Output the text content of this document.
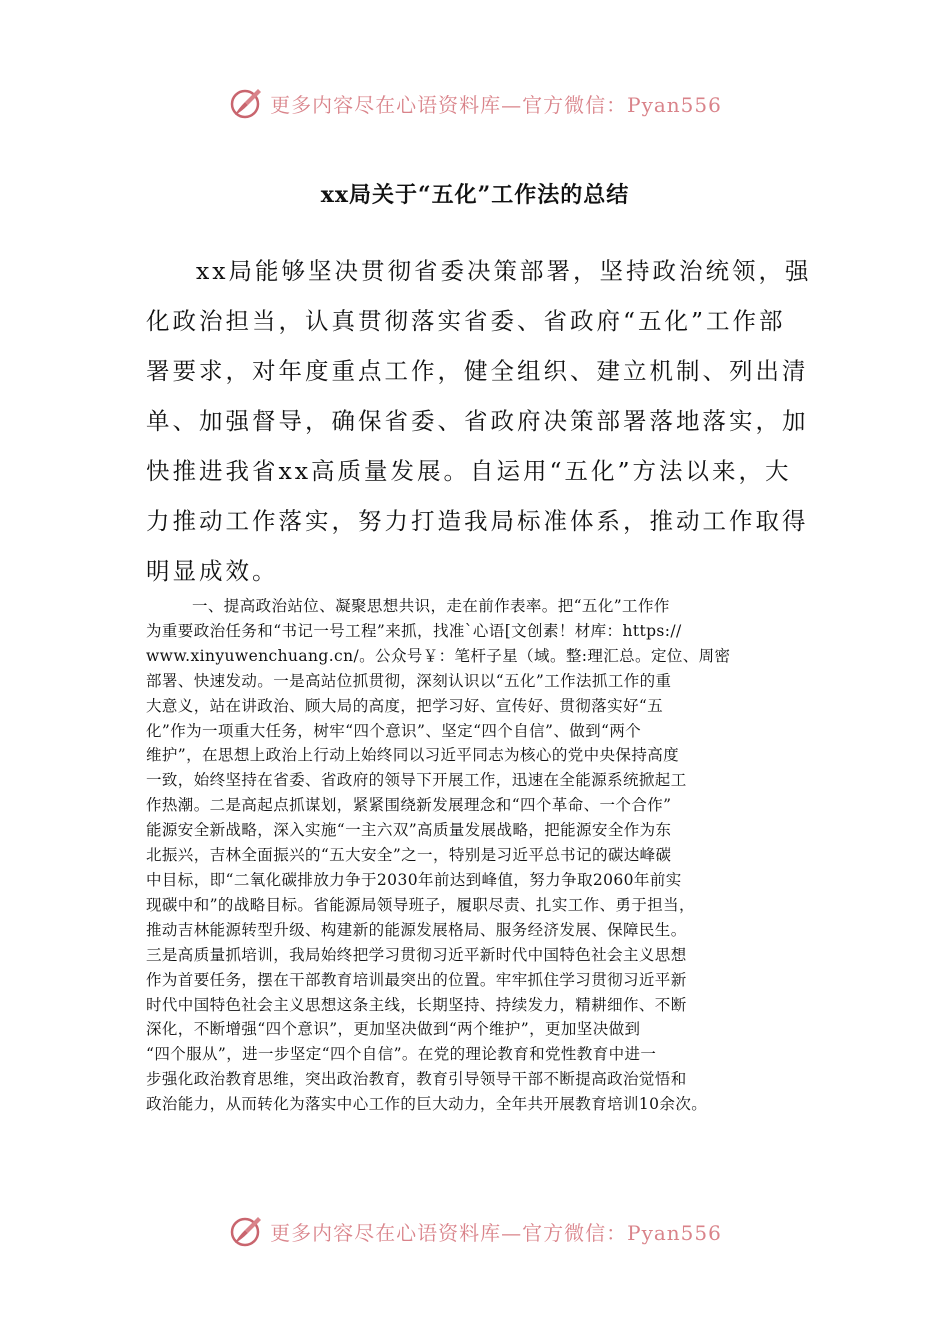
更多内容尽在心语资料库—官方微信：Pyan556
xx局关于“五化”工作法的总结

xx局能够坚决贯彻省委决策部署，坚持政治统领，强
化政治担当，认真贯彻落实省委、省政府“五化”工作部
署要求，对年度重点工作，健全组织、建立机制、列出清
单、加强督导，确保省委、省政府决策部署落地落实，加
快推进我省xx高质量发展。自运用“五化”方法以来，大
力推动工作落实，努力打造我局标准体系，推动工作取得
明显成效。

一、提高政治站位、凝聚思想共识，走在前作表率。把“五化”工作作
为重要政治任务和“书记一号工程”来抓，找准`心语[文创素！材库：https://
www.xinyuwenchuang.cn/。公众号￥：笔杆子星（域。整:理汇总。定位、周密
部署、快速发动。一是高站位抓贯彻，深刻认识以“五化”工作法抓工作的重
大意义，站在讲政治、顾大局的高度，把学习好、宣传好、贯彻落实好“五
化”作为一项重大任务，树牢“四个意识”、坚定“四个自信”、做到“两个
维护”，在思想上政治上行动上始终同以习近平同志为核心的党中央保持高度
一致，始终坚持在省委、省政府的领导下开展工作，迅速在全能源系统掀起工
作热潮。二是高起点抓谋划，紧紧围绕新发展理念和“四个革命、一个合作”
能源安全新战略，深入实施“一主六双”高质量发展战略，把能源安全作为东
北振兴，吉林全面振兴的“五大安全”之一，特别是习近平总书记的碳达峰碳
中目标，即“二氧化碳排放力争于2030年前达到峰值，努力争取2060年前实
现碳中和”的战略目标。省能源局领导班子，履职尽责、扎实工作、勇于担当，
推动吉林能源转型升级、构建新的能源发展格局、服务经济发展、保障民生。
三是高质量抓培训，我局始终把学习贯彻习近平新时代中国特色社会主义思想
作为首要任务，摆在干部教育培训最突出的位置。牢牢抓住学习贯彻习近平新
时代中国特色社会主义思想这条主线，长期坚持、持续发力，精耕细作、不断
深化，不断增强“四个意识”，更加坚决做到“两个维护”，更加坚决做到
“四个服从”，进一步坚定“四个自信”。在党的理论教育和党性教育中进一
步强化政治教育思维，突出政治教育，教育引导领导干部不断提高政治觉悟和
政治能力，从而转化为落实中心工作的巨大动力，全年共开展教育培训10余次。

更多内容尽在心语资料库—官方微信：Pyan556
